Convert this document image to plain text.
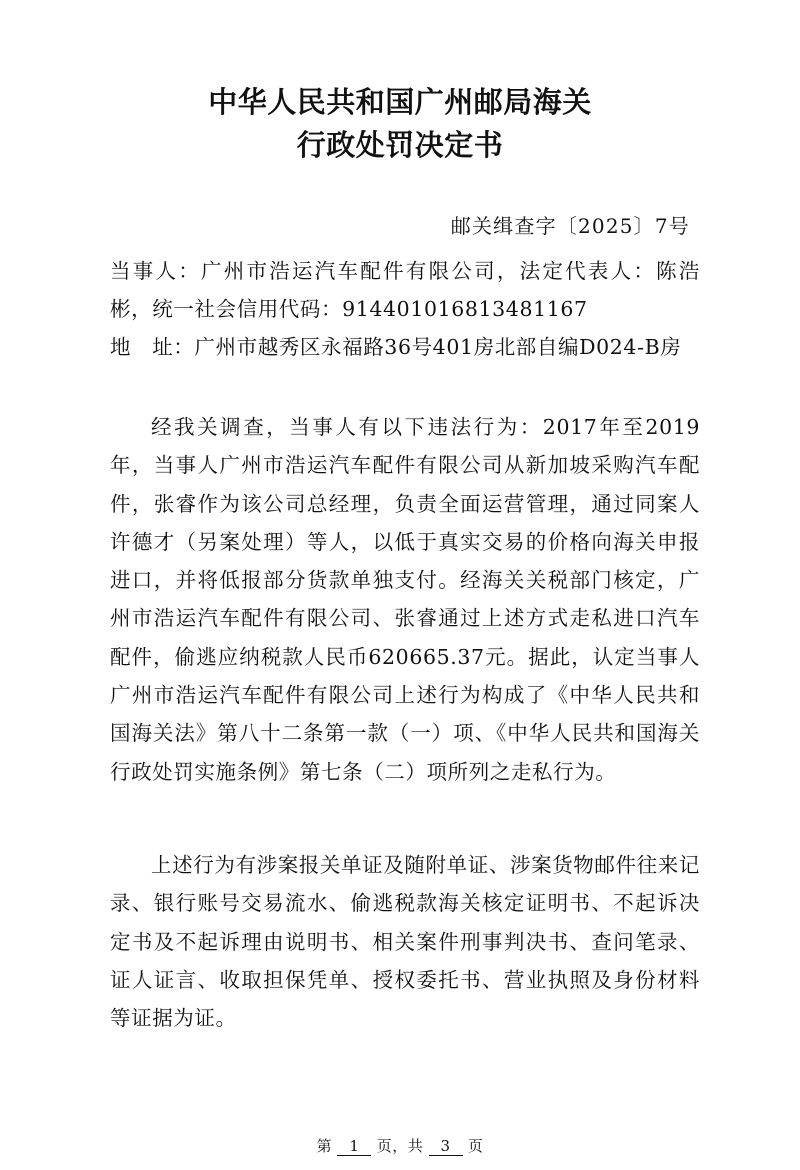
中华人民共和国广州邮局海关
行政处罚决定书
邮关缉查字〔2025〕7号
当事人：广州市浩运汽车配件有限公司，法定代表人：陈浩彬，统一社会信用代码：914401016813481167
地　址：广州市越秀区永福路36号401房北部自编D024-B房
经我关调查，当事人有以下违法行为：2017年至2019年，当事人广州市浩运汽车配件有限公司从新加坡采购汽车配件，张睿作为该公司总经理，负责全面运营管理，通过同案人许德才（另案处理）等人，以低于真实交易的价格向海关申报进口，并将低报部分货款单独支付。经海关关税部门核定，广州市浩运汽车配件有限公司、张睿通过上述方式走私进口汽车配件，偷逃应纳税款人民币620665.37元。据此，认定当事人广州市浩运汽车配件有限公司上述行为构成了《中华人民共和国海关法》第八十二条第一款（一）项、《中华人民共和国海关行政处罚实施条例》第七条（二）项所列之走私行为。
上述行为有涉案报关单证及随附单证、涉案货物邮件往来记录、银行账号交易流水、偷逃税款海关核定证明书、不起诉决定书及不起诉理由说明书、相关案件刑事判决书、查问笔录、证人证言、收取担保凭单、授权委托书、营业执照及身份材料等证据为证。
第 1 页，共 3 页
